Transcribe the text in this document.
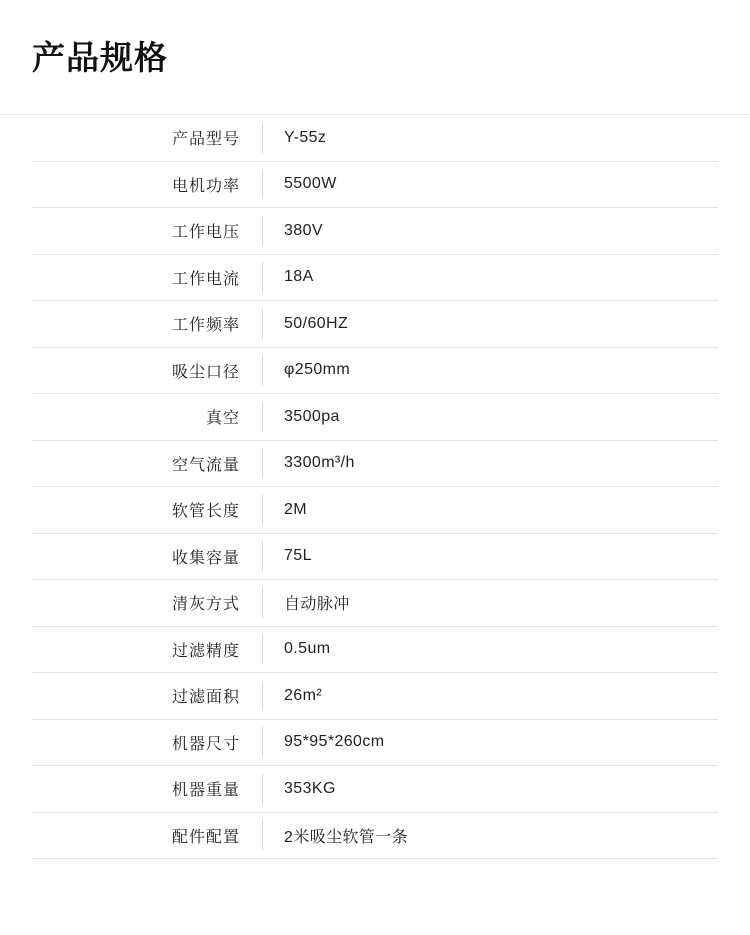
产品规格
产品型号		Y-55z
电机功率		5500W
工作电压		380V
工作电流		18A
工作频率		50/60HZ
吸尘口径		φ250mm
真空		3500pa
空气流量		3300m³/h
软管长度		2M
收集容量		75L
清灰方式		自动脉冲
过滤精度		0.5um
过滤面积		26m²
机器尺寸		95*95*260cm
机器重量		353KG
配件配置		2米吸尘软管一条
